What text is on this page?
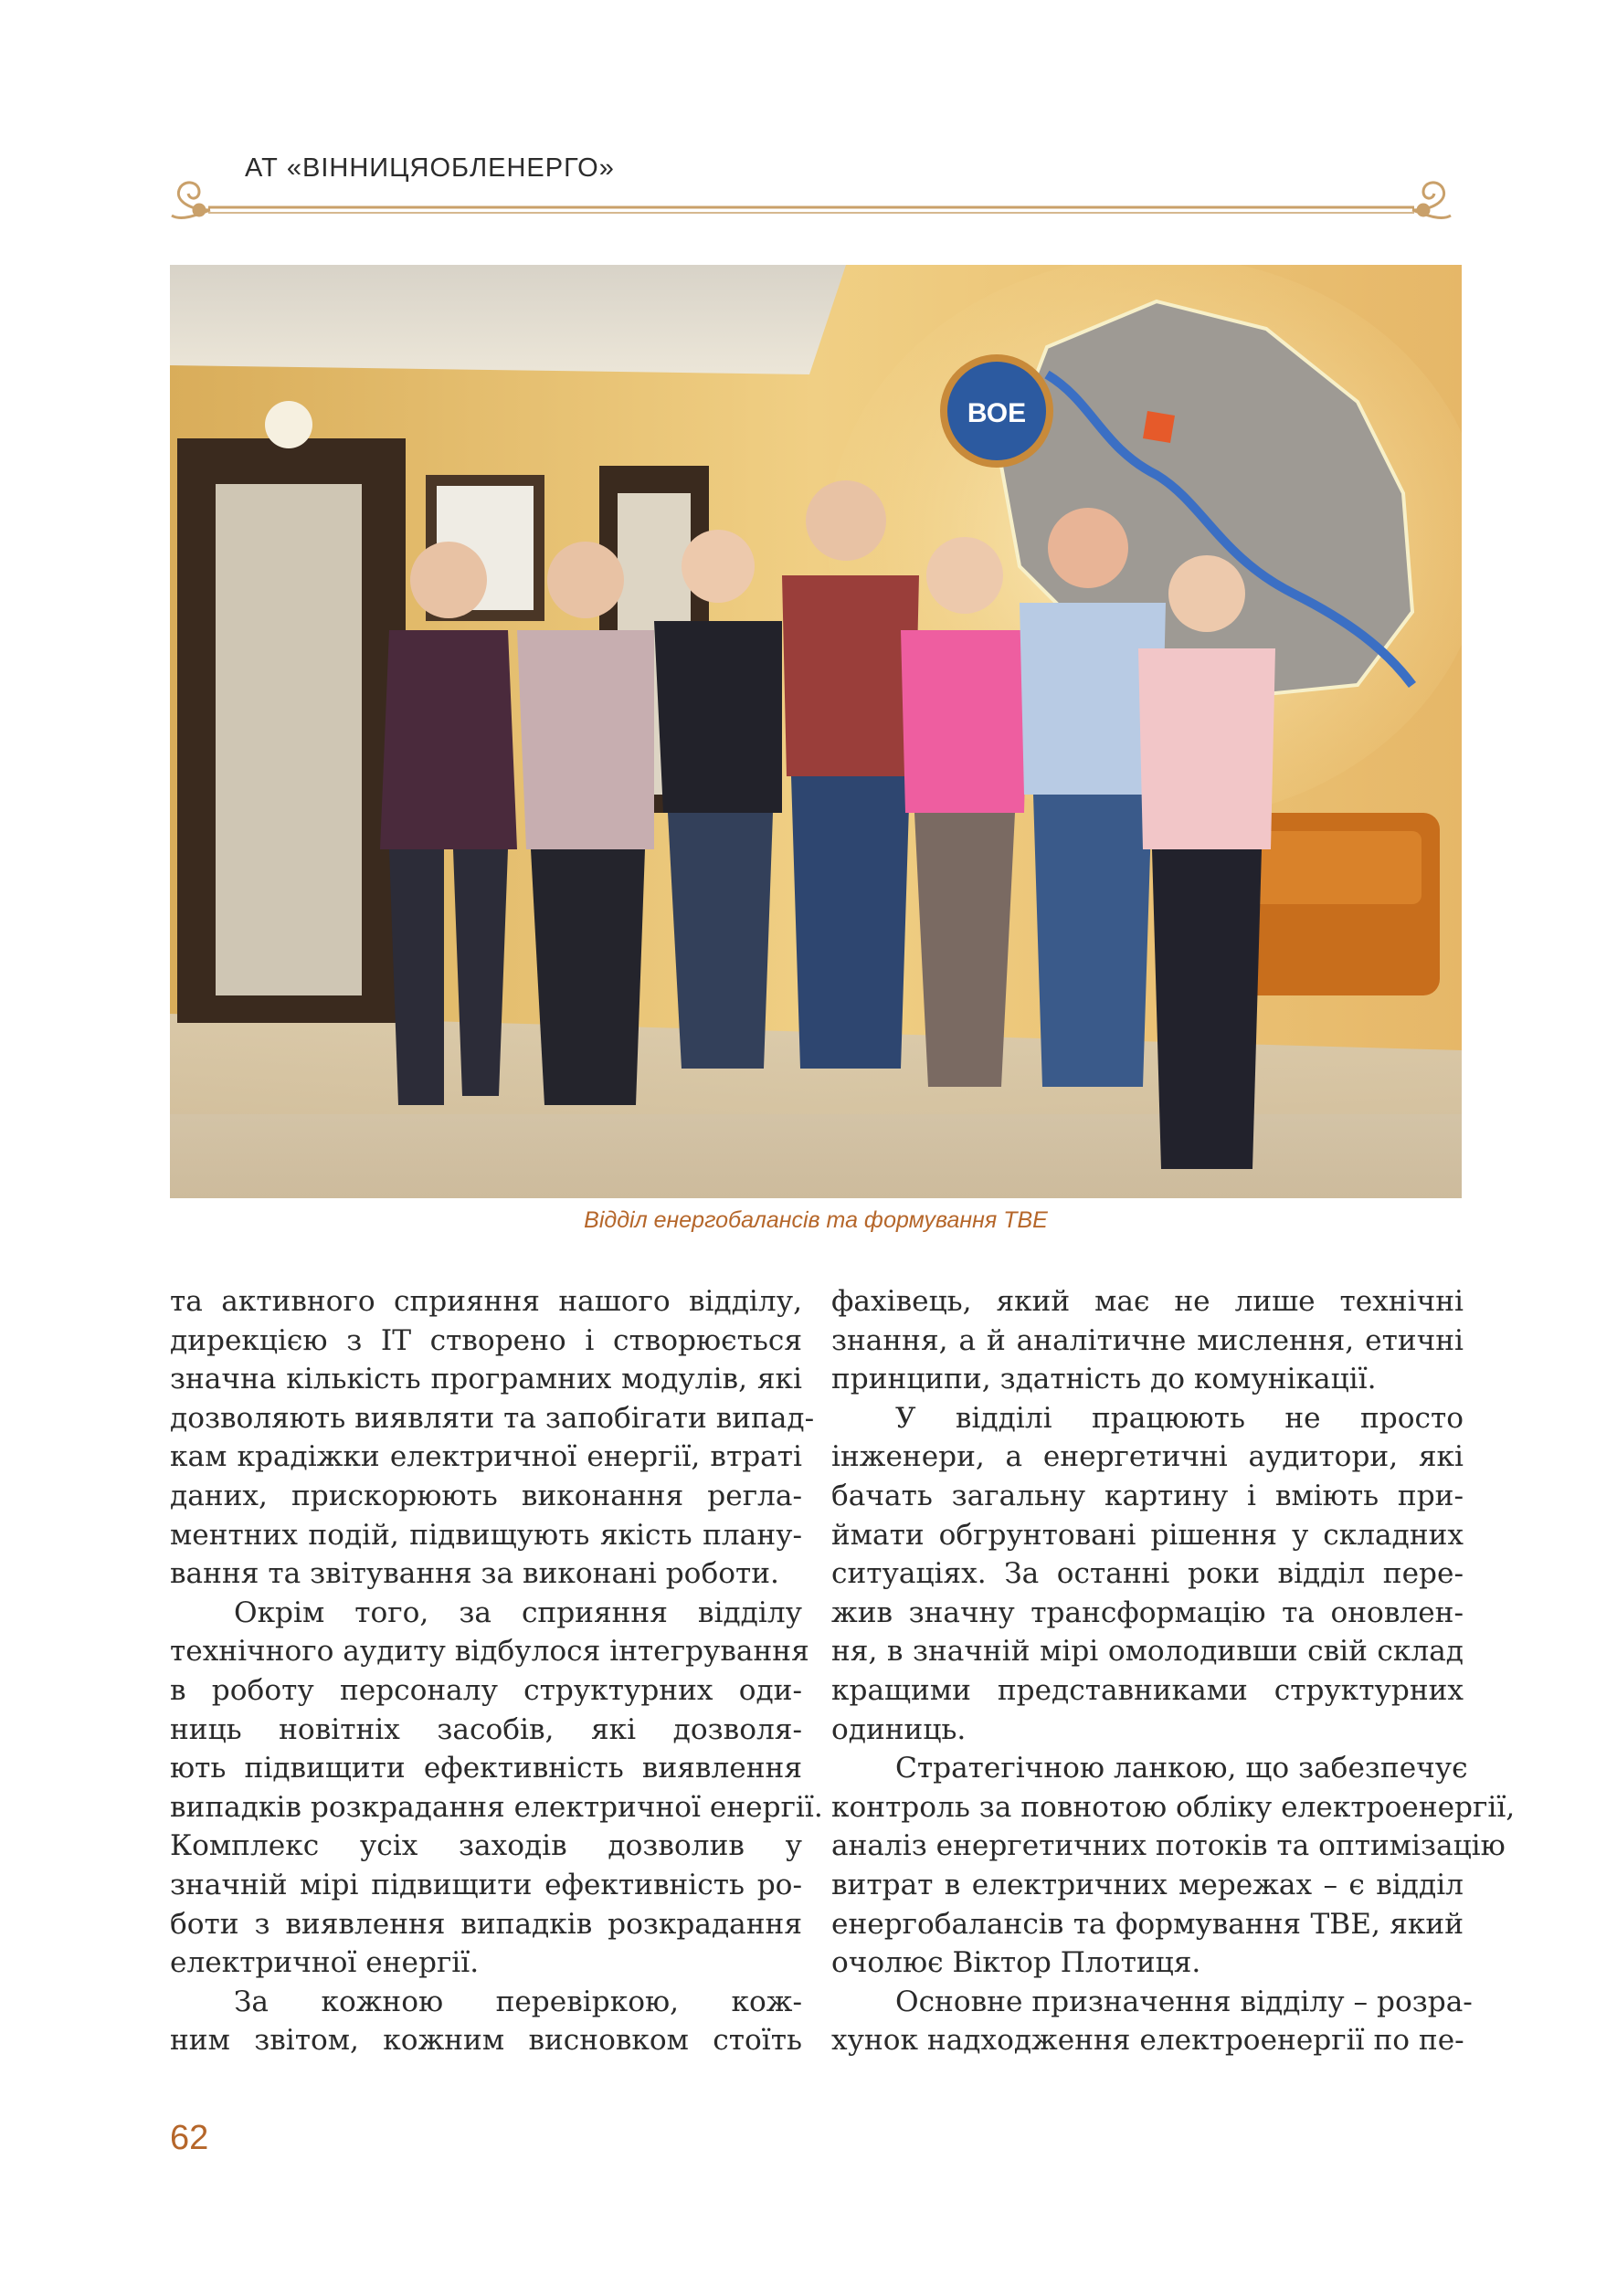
АТ «ВІННИЦЯОБЛЕНЕРГО»
ВОЕ
Відділ енергобалансів та формування ТВЕ
та активного сприяння нашого відділу,
дирекцією з ІТ створено і створюється
значна кількість програмних модулів, які
дозволяють виявляти та запобігати випад-
кам крадіжки електричної енергії, втраті
даних, прискорюють виконання регла-
ментних подій, підвищують якість плану-
вання та звітування за виконані роботи.
Окрім того, за сприяння відділу
технічного аудиту відбулося інтегрування
в роботу персоналу структурних оди-
ниць новітніх засобів, які дозволя-
ють підвищити ефективність виявлення
випадків розкрадання електричної енергії.
Комплекс усіх заходів дозволив у
значній мірі підвищити ефективність ро-
боти з виявлення випадків розкрадання
електричної енергії.
За кожною перевіркою, кож-
ним звітом, кожним висновком стоїть
фахівець, який має не лише технічні
знання, а й аналітичне мислення, етичні
принципи, здатність до комунікації.
У відділі працюють не просто
інженери, а енергетичні аудитори, які
бачать загальну картину і вміють при-
ймати обгрунтовані рішення у складних
ситуаціях. За останні роки відділ пере-
жив значну трансформацію та оновлен-
ня, в значній мірі омолодивши свій склад
кращими представниками структурних
одиниць.
Стратегічною ланкою, що забезпечує
контроль за повнотою обліку електроенергії,
аналіз енергетичних потоків та оптимізацію
витрат в електричних мережах – є відділ
енергобалансів та формування ТВЕ, який
очолює Віктор Плотиця.
Основне призначення відділу – розра-
хунок надходження електроенергії по пе-
62
